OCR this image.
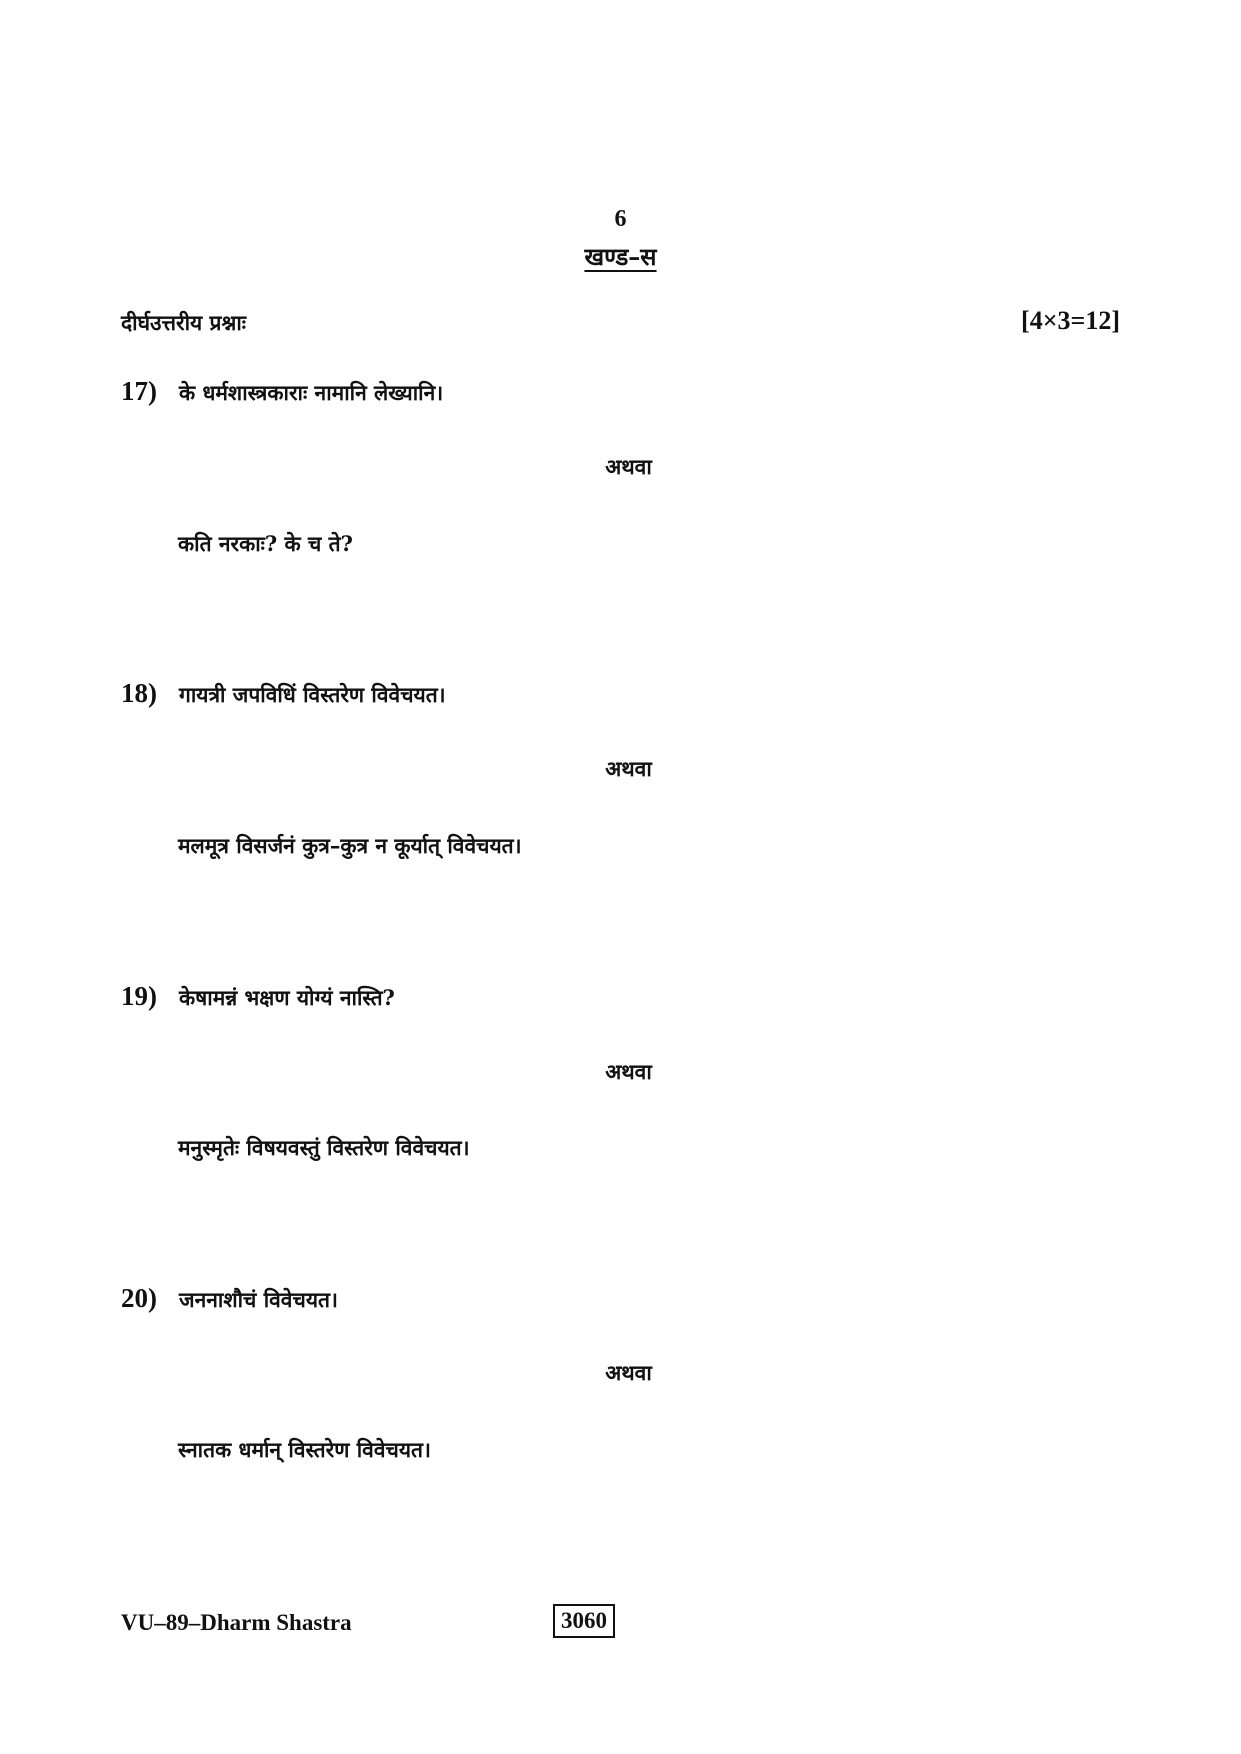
6
खण्ड–स
दीर्घउत्तरीय प्रश्नाः	[4×3=12]
17) के धर्मशास्त्रकाराः नामानि लेख्यानि।
अथवा
कति नरकाः? के च ते?
18) गायत्री जपविधिं विस्तरेण विवेचयत।
अथवा
मलमूत्र विसर्जनं कुत्र–कुत्र न कूर्यात् विवेचयत।
19) केषामन्नं भक्षण योग्यं नास्ति?
अथवा
मनुस्मृतेः विषयवस्तुं विस्तरेण विवेचयत।
20) जननाशौचं विवेचयत।
अथवा
स्नातक धर्मान् विस्तरेण विवेचयत।
VU–89–Dharm Shastra	3060
